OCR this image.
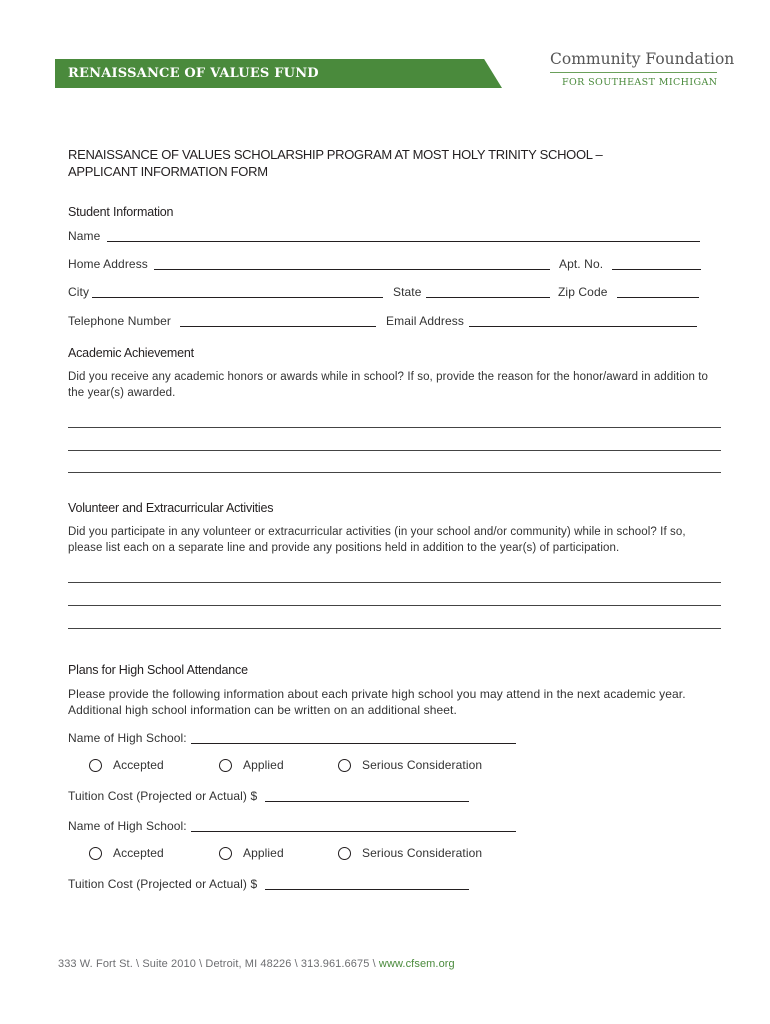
RENAISSANCE OF VALUES FUND
Community Foundation
FOR SOUTHEAST MICHIGAN
RENAISSANCE OF VALUES SCHOLARSHIP PROGRAM AT MOST HOLY TRINITY SCHOOL –
APPLICANT INFORMATION FORM
Student Information
Name
Home Address	Apt. No.
City	State	Zip Code
Telephone Number	Email Address
Academic Achievement
Did you receive any academic honors or awards while in school? If so, provide the reason for the honor/award in addition to the year(s) awarded.
Volunteer and Extracurricular Activities
Did you participate in any volunteer or extracurricular activities (in your school and/or community) while in school? If so, please list each on a separate line and provide any positions held in addition to the year(s) of participation.
Plans for High School Attendance
Please provide the following information about each private high school you may attend in the next academic year. Additional high school information can be written on an additional sheet.
Name of High School:
Accepted	Applied	Serious Consideration
Tuition Cost (Projected or Actual) $
Name of High School:
Accepted	Applied	Serious Consideration
Tuition Cost (Projected or Actual) $
333 W. Fort St. \ Suite 2010 \ Detroit, MI 48226 \ 313.961.6675 \ www.cfsem.org
